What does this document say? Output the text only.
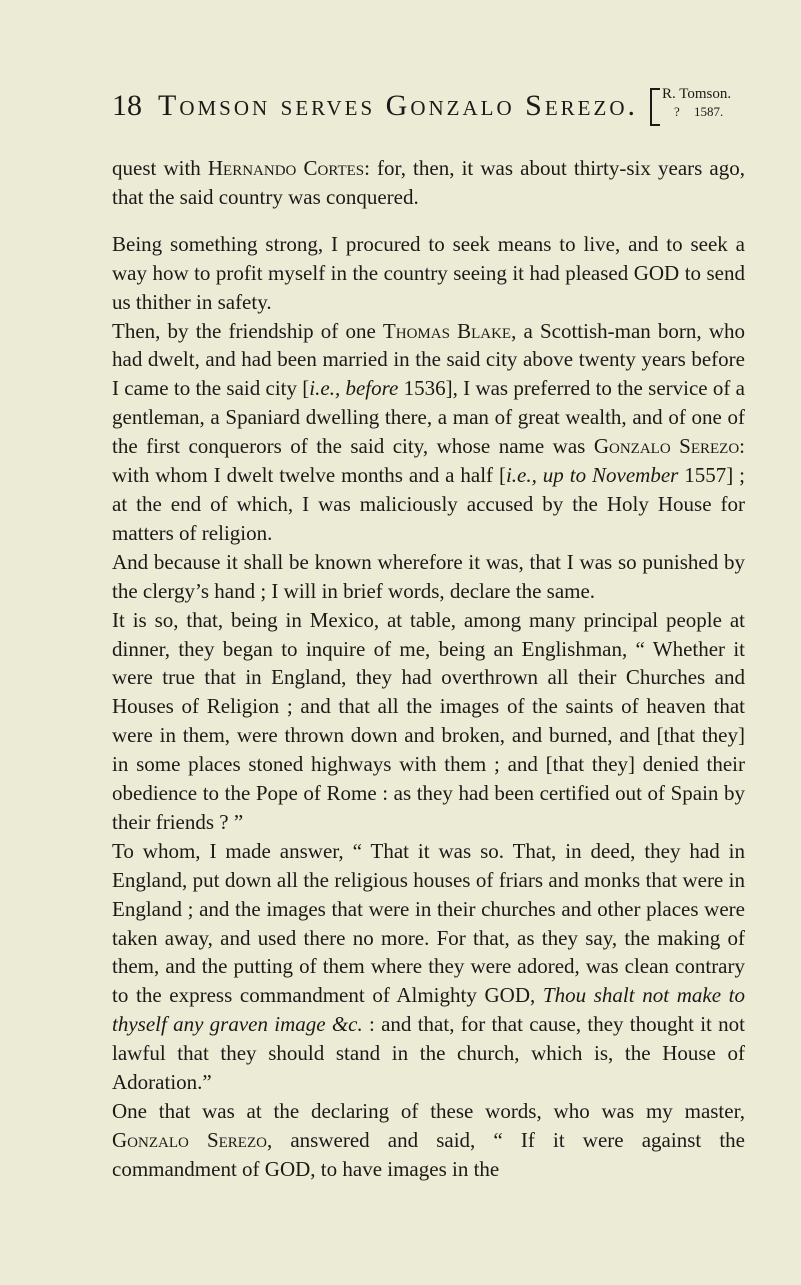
18 Tomson serves Gonzalo Serezo. R. Tomson.
? 1587.

quest with Hernando Cortes: for, then, it was about thirty-six years ago, that the said country was conquered.

Being something strong, I procured to seek means to live, and to seek a way how to profit myself in the country seeing it had pleased GOD to send us thither in safety.

Then, by the friendship of one Thomas Blake, a Scottish-man born, who had dwelt, and had been married in the said city above twenty years before I came to the said city [i.e., before 1536], I was preferred to the service of a gentleman, a Spaniard dwelling there, a man of great wealth, and of one of the first conquerors of the said city, whose name was Gonzalo Serezo: with whom I dwelt twelve months and a half [i.e., up to November 1557] ; at the end of which, I was maliciously accused by the Holy House for matters of religion.

And because it shall be known wherefore it was, that I was so punished by the clergy’s hand ; I will in brief words, declare the same.

It is so, that, being in Mexico, at table, among many principal people at dinner, they began to inquire of me, being an Englishman, “ Whether it were true that in England, they had overthrown all their Churches and Houses of Religion ; and that all the images of the saints of heaven that were in them, were thrown down and broken, and burned, and [that they] in some places stoned highways with them ; and [that they] denied their obedience to the Pope of Rome : as they had been certified out of Spain by their friends ? ”

To whom, I made answer, “ That it was so. That, in deed, they had in England, put down all the religious houses of friars and monks that were in England ; and the images that were in their churches and other places were taken away, and used there no more. For that, as they say, the making of them, and the putting of them where they were adored, was clean contrary to the express commandment of Almighty GOD, Thou shalt not make to thyself any graven image &c. : and that, for that cause, they thought it not lawful that they should stand in the church, which is, the House of Adoration.”

One that was at the declaring of these words, who was my master, Gonzalo Serezo, answered and said, “ If it were against the commandment of GOD, to have images in the
